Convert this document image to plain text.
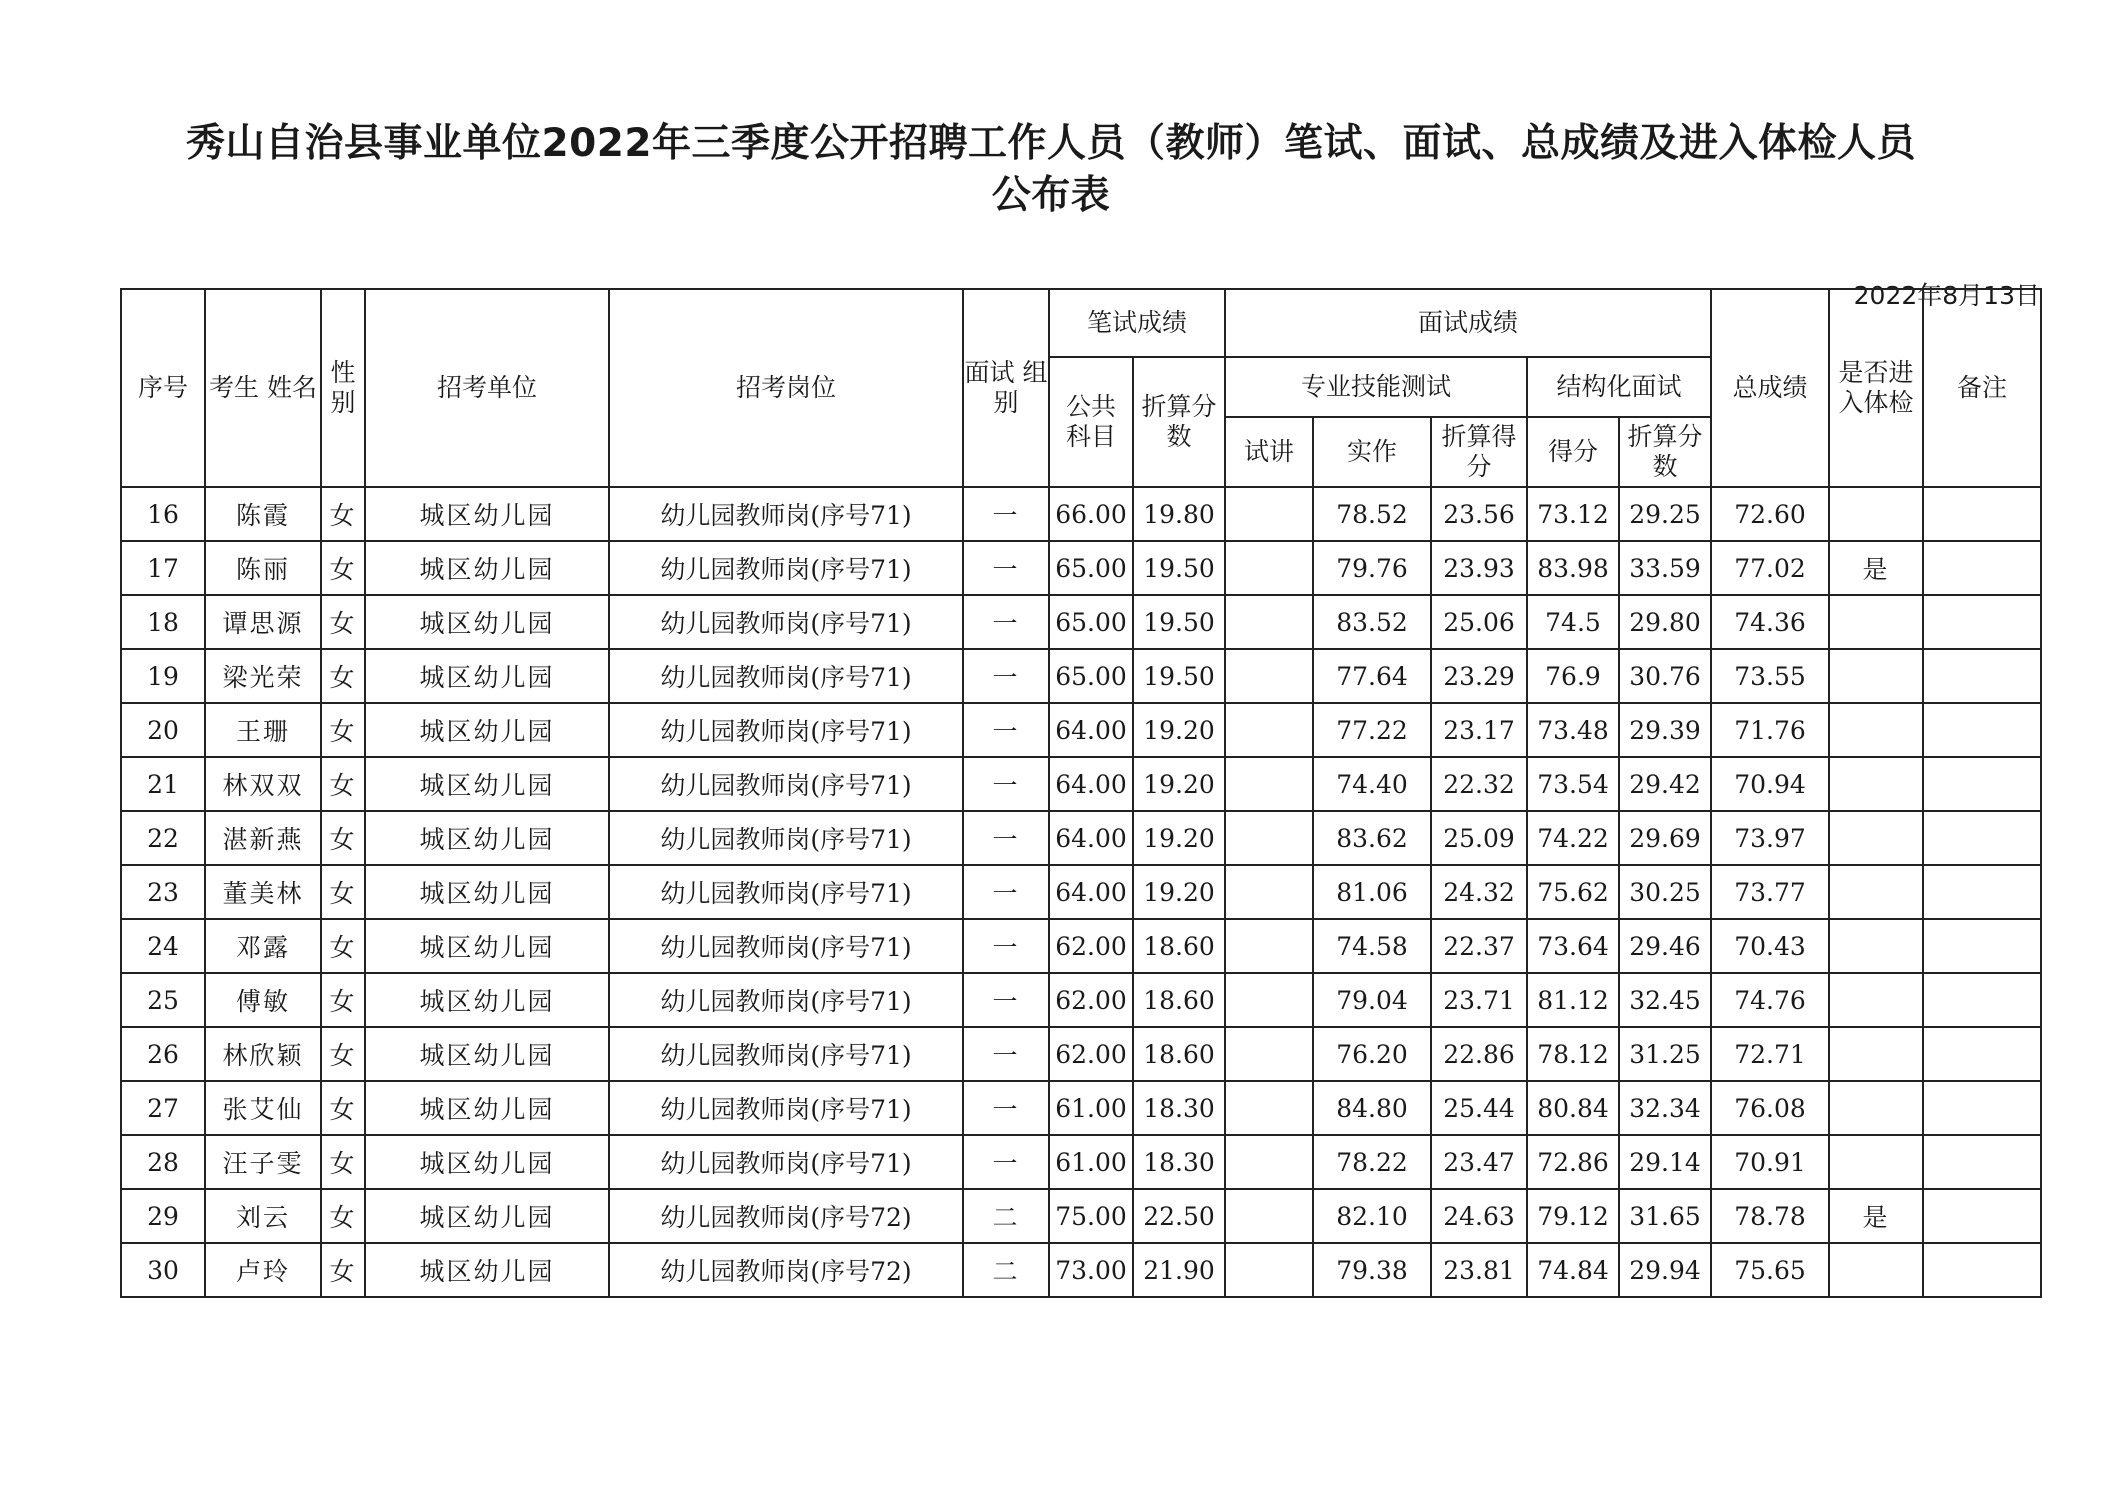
秀山自治县事业单位2022年三季度公开招聘工作人员（教师）笔试、面试、总成绩及进入体检人员
公布表
2022年8月13日
序号	考生 姓名	性 别	招考单位	招考岗位	面试 组别	笔试成绩		面试成绩					总成绩	是否进 入体检	备注

						公共 科目	折算分 数	专业技能测试			结构化面试				
								试讲	实作	折算得 分	得分	折算分 数			
16	陈霞	女	城区幼儿园	幼儿园教师岗(序号71)	一	66.00	19.80		78.52	23.56	73.12	29.25	72.60		
17	陈丽	女	城区幼儿园	幼儿园教师岗(序号71)	一	65.00	19.50		79.76	23.93	83.98	33.59	77.02	是	
18	谭思源	女	城区幼儿园	幼儿园教师岗(序号71)	一	65.00	19.50		83.52	25.06	74.5	29.80	74.36		
19	梁光荣	女	城区幼儿园	幼儿园教师岗(序号71)	一	65.00	19.50		77.64	23.29	76.9	30.76	73.55		
20	王珊	女	城区幼儿园	幼儿园教师岗(序号71)	一	64.00	19.20		77.22	23.17	73.48	29.39	71.76		
21	林双双	女	城区幼儿园	幼儿园教师岗(序号71)	一	64.00	19.20		74.40	22.32	73.54	29.42	70.94		
22	湛新燕	女	城区幼儿园	幼儿园教师岗(序号71)	一	64.00	19.20		83.62	25.09	74.22	29.69	73.97		
23	董美林	女	城区幼儿园	幼儿园教师岗(序号71)	一	64.00	19.20		81.06	24.32	75.62	30.25	73.77		
24	邓露	女	城区幼儿园	幼儿园教师岗(序号71)	一	62.00	18.60		74.58	22.37	73.64	29.46	70.43		
25	傅敏	女	城区幼儿园	幼儿园教师岗(序号71)	一	62.00	18.60		79.04	23.71	81.12	32.45	74.76		
26	林欣颖	女	城区幼儿园	幼儿园教师岗(序号71)	一	62.00	18.60		76.20	22.86	78.12	31.25	72.71		
27	张艾仙	女	城区幼儿园	幼儿园教师岗(序号71)	一	61.00	18.30		84.80	25.44	80.84	32.34	76.08		
28	汪子雯	女	城区幼儿园	幼儿园教师岗(序号71)	一	61.00	18.30		78.22	23.47	72.86	29.14	70.91		
29	刘云	女	城区幼儿园	幼儿园教师岗(序号72)	二	75.00	22.50		82.10	24.63	79.12	31.65	78.78	是	
30	卢玲	女	城区幼儿园	幼儿园教师岗(序号72)	二	73.00	21.90		79.38	23.81	74.84	29.94	75.65		
